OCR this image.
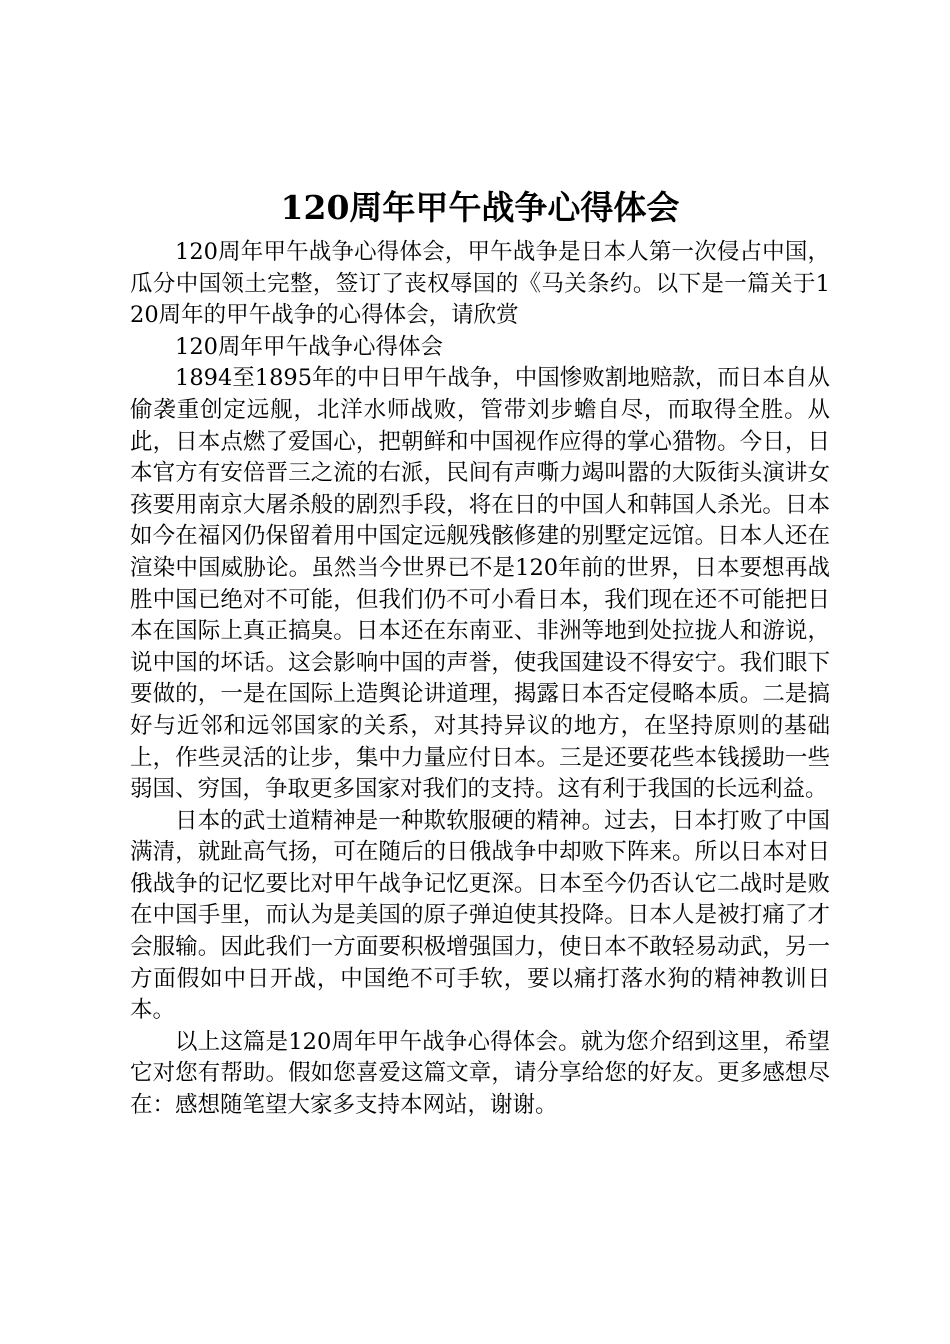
120周年甲午战争心得体会

120周年甲午战争心得体会，甲午战争是日本人第一次侵占中国，瓜分中国领土完整，签订了丧权辱国的《马关条约。以下是一篇关于120周年的甲午战争的心得体会，请欣赏

120周年甲午战争心得体会

1894至1895年的中日甲午战争，中国惨败割地赔款，而日本自从偷袭重创定远舰，北洋水师战败，管带刘步蟾自尽，而取得全胜。从此，日本点燃了爱国心，把朝鲜和中国视作应得的掌心猎物。今日，日本官方有安倍晋三之流的右派，民间有声嘶力竭叫嚣的大阪街头演讲女孩要用南京大屠杀般的剧烈手段，将在日的中国人和韩国人杀光。日本如今在福冈仍保留着用中国定远舰残骸修建的别墅定远馆。日本人还在渲染中国威胁论。虽然当今世界已不是120年前的世界，日本要想再战胜中国已绝对不可能，但我们仍不可小看日本，我们现在还不可能把日本在国际上真正搞臭。日本还在东南亚、非洲等地到处拉拢人和游说，说中国的坏话。这会影响中国的声誉，使我国建设不得安宁。我们眼下要做的，一是在国际上造舆论讲道理，揭露日本否定侵略本质。二是搞好与近邻和远邻国家的关系，对其持异议的地方，在坚持原则的基础上，作些灵活的让步，集中力量应付日本。三是还要花些本钱援助一些弱国、穷国，争取更多国家对我们的支持。这有利于我国的长远利益。

日本的武士道精神是一种欺软服硬的精神。过去，日本打败了中国满清，就趾高气扬，可在随后的日俄战争中却败下阵来。所以日本对日俄战争的记忆要比对甲午战争记忆更深。日本至今仍否认它二战时是败在中国手里，而认为是美国的原子弹迫使其投降。日本人是被打痛了才会服输。因此我们一方面要积极增强国力，使日本不敢轻易动武，另一方面假如中日开战，中国绝不可手软，要以痛打落水狗的精神教训日本。

以上这篇是120周年甲午战争心得体会。就为您介绍到这里，希望它对您有帮助。假如您喜爱这篇文章，请分享给您的好友。更多感想尽在：感想随笔望大家多支持本网站，谢谢。
